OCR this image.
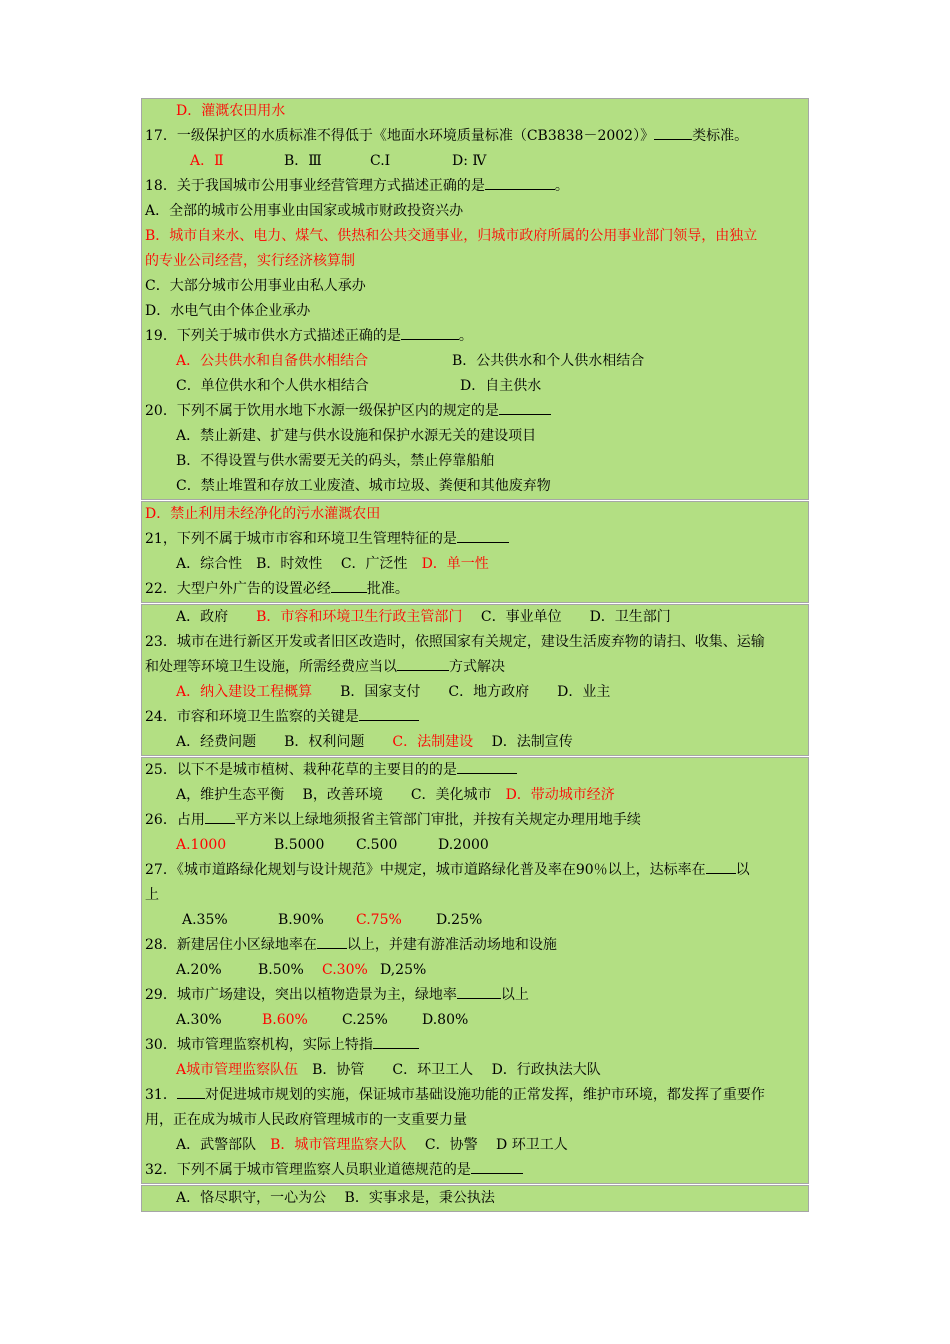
D．灌溉农田用水
17．一级保护区的水质标准不得低于《地面水环境质量标准（CB3838－2002）》	类标准。
A．Ⅱ	B．Ⅲ	C.Ⅰ	D: Ⅳ
18．关于我国城市公用事业经营管理方式描述正确的是	。
A．全部的城市公用事业由国家或城市财政投资兴办
B．城市自来水、电力、煤气、供热和公共交通事业，归城市政府所属的公用事业部门领导，由独立
的专业公司经营，实行经济核算制
C．大部分城市公用事业由私人承办
D．水电气由个体企业承办
19．下列关于城市供水方式描述正确的是	。
A．公共供水和自备供水相结合	B．公共供水和个人供水相结合
C．单位供水和个人供水相结合	D．自主供水
20．下列不属于饮用水地下水源一级保护区内的规定的是
A．禁止新建、扩建与供水设施和保护水源无关的建设项目
B．不得设置与供水需要无关的码头，禁止停靠船舶
C．禁止堆置和存放工业废渣、城市垃圾、粪便和其他废弃物
D．禁止利用未经净化的污水灌溉农田
21，下列不属于城市市容和环境卫生管理特征的是
A．综合性　B．时效性　 C．广泛性　D．单一性
22．大型户外广告的设置必经	批准。
A．政府　　B．市容和环境卫生行政主管部门　 C．事业单位　　D．卫生部门
23．城市在进行新区开发或者旧区改造时，依照国家有关规定，建设生活废弃物的请扫、收集、运输
和处理等环境卫生设施，所需经费应当以	方式解决
A．纳入建设工程概算　　B．国家支付　　C．地方政府　　D．业主
24．市容和环境卫生监察的关键是
A．经费问题　　B．权利问题　　C．法制建设　 D．法制宣传
25．以下不是城市植树、栽种花草的主要目的的是
A，维护生态平衡　 B，改善环境　　C．美化城市　D．带动城市经济
26．占用 平方米以上绿地须报省主管部门审批，并按有关规定办理用地手续
A.1000	B.5000 C.500	D.2000
27．《城市道路绿化规划与设计规范》中规定，城市道路绿化普及率在90％以上，达标率在 以
上
A.35%	B.90% C.75% D.25%
28．新建居住小区绿地率在 以上，并建有游准活动场地和设施
A.20%	B.50% C.30% D,25%
29．城市广场建设，突出以植物造景为主，绿地率	以上
A.30%	B.60% C.25% D.80%
30．城市管理监察机构，实际上特指
A城市管理监察队伍　B．协管　　C．环卫工人　 D．行政执法大队
31． 对促进城市规划的实施，保证城市基础设施功能的正常发挥，维护市环境，都发挥了重要作
用，正在成为城市人民政府管理城市的一支重要力量
A．武警部队　B．城市管理监察大队　 C．协警　 D 环卫工人
32．下列不属于城市管理监察人员职业道德规范的是
A．恪尽职守，一心为公　 B．实事求是，秉公执法
